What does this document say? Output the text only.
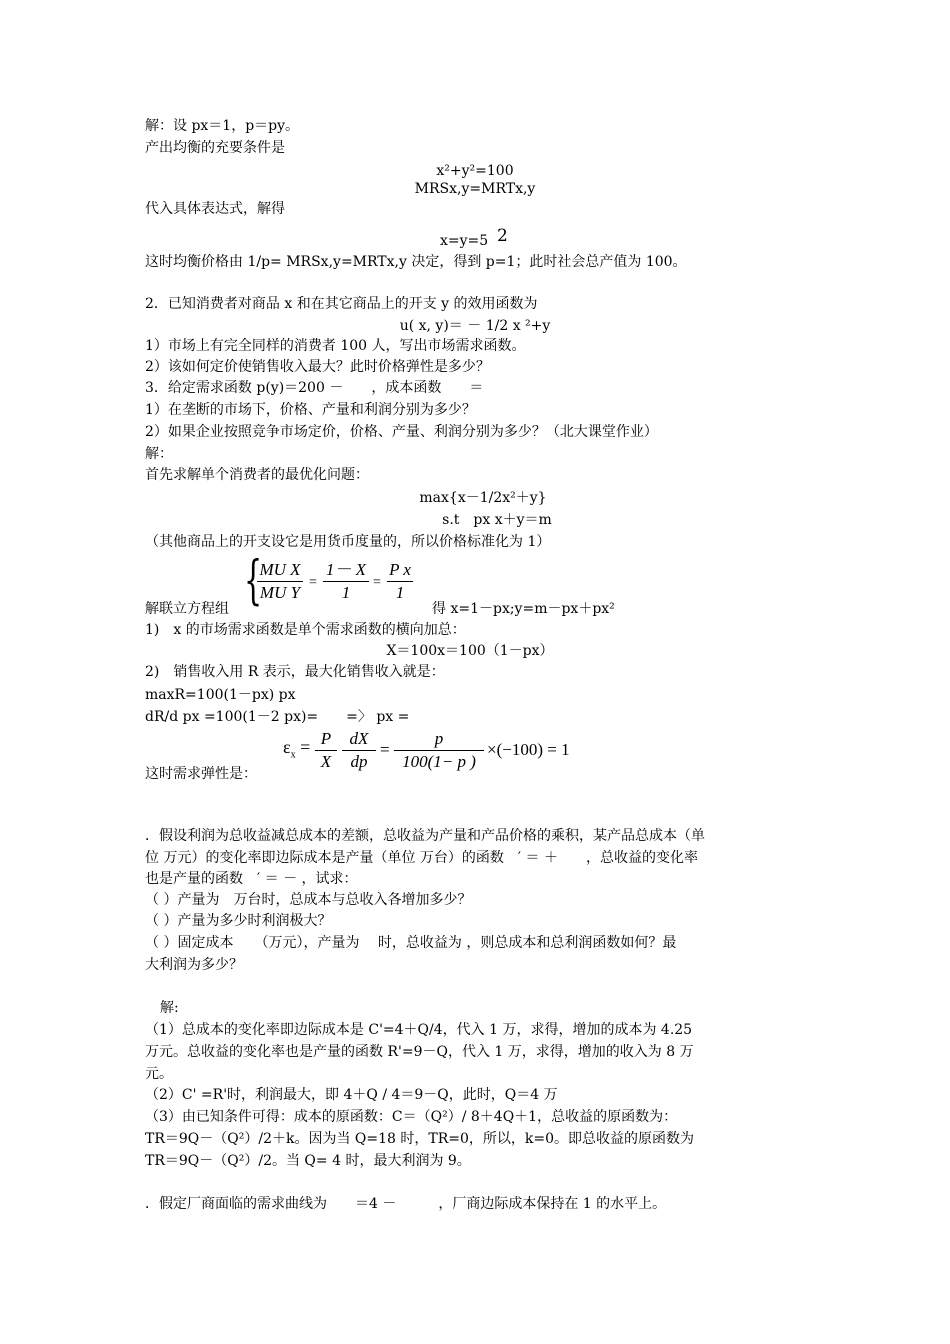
解：设 px＝1，p＝py。
产出均衡的充要条件是
x²+y²=100
MRSx,y=MRTx,y
代入具体表达式，解得
x=y=5 2
这时均衡价格由 1/p= MRSx,y=MRTx,y 决定，得到 p=1；此时社会总产值为 100。
2．已知消费者对商品 x 和在其它商品上的开支 y 的效用函数为
u( x, y)＝ － 1/2 x ²+y
1）市场上有完全同样的消费者 100 人，写出市场需求函数。
2）该如何定价使销售收入最大？此时价格弹性是多少？
3．给定需求函数 p(y)＝200 －　　，成本函数　　＝
1）在垄断的市场下，价格、产量和利润分别为多少？
2）如果企业按照竞争市场定价，价格、产量、利润分别为多少？（北大课堂作业）
解：
首先求解单个消费者的最优化问题：
max{x－1/2x²＋y}
s.t　px x＋y＝m
（其他商品上的开支设它是用货币度量的，所以价格标准化为 1）
{
MU X
MU Y
=
1－ X
1
=
P x
1
解联立方程组	得 x=1－px;y=m－px＋px²
1)　x 的市场需求函数是单个需求函数的横向加总：
X＝100x＝100（1－px）
2)　销售收入用 R 表示，最大化销售收入就是：
maxR=100(1－px) px
dR/d px =100(1－2 px)=　　=〉 px =
这时需求弹性是：
$\varepsilon_x = P$
X
dX
dp
=
p
100(1− p )
×(−100) = 1
．假设利润为总收益减总成本的差额，总收益为产量和产品价格的乘积，某产品总成本（单
位 万元）的变化率即边际成本是产量（单位 万台）的函数　′ ＝ ＋　　，总收益的变化率
也是产量的函数　′ ＝ － ，试求：
（ ）产量为　万台时，总成本与总收入各增加多少？
（ ）产量为多少时利润极大？
（ ）固定成本　　（万元），产量为　 时，总收益为 ，则总成本和总利润函数如何？最
大利润为多少？
解:
（1）总成本的变化率即边际成本是 C'=4＋Q/4，代入 1 万，求得，增加的成本为 4.25
万元。总收益的变化率也是产量的函数 R'=9－Q，代入 1 万，求得，增加的收入为 8 万
元。
（2）C' =R'时，利润最大，即 4＋Q / 4＝9－Q，此时，Q＝4 万
（3）由已知条件可得：成本的原函数：C＝（Q²）/ 8＋4Q＋1，总收益的原函数为：
TR＝9Q－（Q²）/2＋k。因为当 Q=18 时，TR=0，所以，k=0。即总收益的原函数为
TR＝9Q－（Q²）/2。当 Q= 4 时，最大利润为 9。
．假定厂商面临的需求曲线为　　＝4 －　　　，厂商边际成本保持在 1 的水平上。
